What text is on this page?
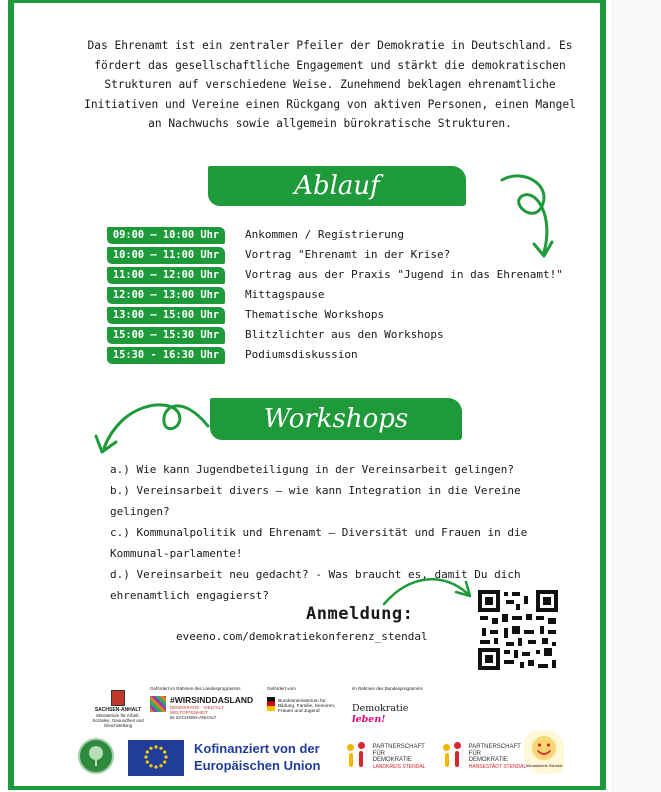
Das Ehrenamt ist ein zentraler Pfeiler der Demokratie in Deutschland. Es fördert das gesellschaftliche Engagement und stärkt die demokratischen Strukturen auf verschiedene Weise. Zunehmend beklagen ehrenamtliche Initiativen und Vereine einen Rückgang von aktiven Personen, einen Mangel an Nachwuchs sowie allgemein bürokratische Strukturen.
Ablauf
09:00 – 10:00 Uhr	Ankommen / Registrierung
10:00 – 11:00 Uhr	Vortrag "Ehrenamt in der Krise?
11:00 – 12:00 Uhr	Vortrag aus der Praxis "Jugend in das Ehrenamt!"
12:00 – 13:00 Uhr	Mittagspause
13:00 – 15:00 Uhr	Thematische Workshops
15:00 – 15:30 Uhr	Blitzlichter aus den Workshops
15:30 - 16:30 Uhr	Podiumsdiskussion
Workshops

a.) Wie kann Jugendbeteiligung in der Vereinsarbeit gelingen?

b.) Vereinsarbeit divers – wie kann Integration in die Vereine gelingen?

c.) Kommunalpolitik und Ehrenamt – Diversität und Frauen in die Kommunal-parlamente!

d.) Vereinsarbeit neu gedacht? - Was braucht es, damit Du dich ehrenamtlich engagierst?

Anmeldung:
eveeno.com/demokratiekonferenz_stendal
SACHSEN-ANHALT
Ministerium für Arbeit, Soziales, Gesundheit und Gleichstellung
Gefördert im Rahmen des Landesprogramms
#WIRSINDDASLAND
DEMOKRATIE · VIELFALT · WELTOFFENHEIT
IN SACHSEN-ANHALT
Gefördert vom
Bundesministerium für Bildung, Familie, Senioren, Frauen und Jugend
im Rahmen des Bundesprogramms
Demokratie leben!
Kofinanziert von der
Europäischen Union

PARTNERSCHAFT
FÜR
DEMOKRATIE
LANDKREIS STENDAL

PARTNERSCHAFT
FÜR
DEMOKRATIE
HANSESTADT STENDAL Altmarkkreis Stendal
